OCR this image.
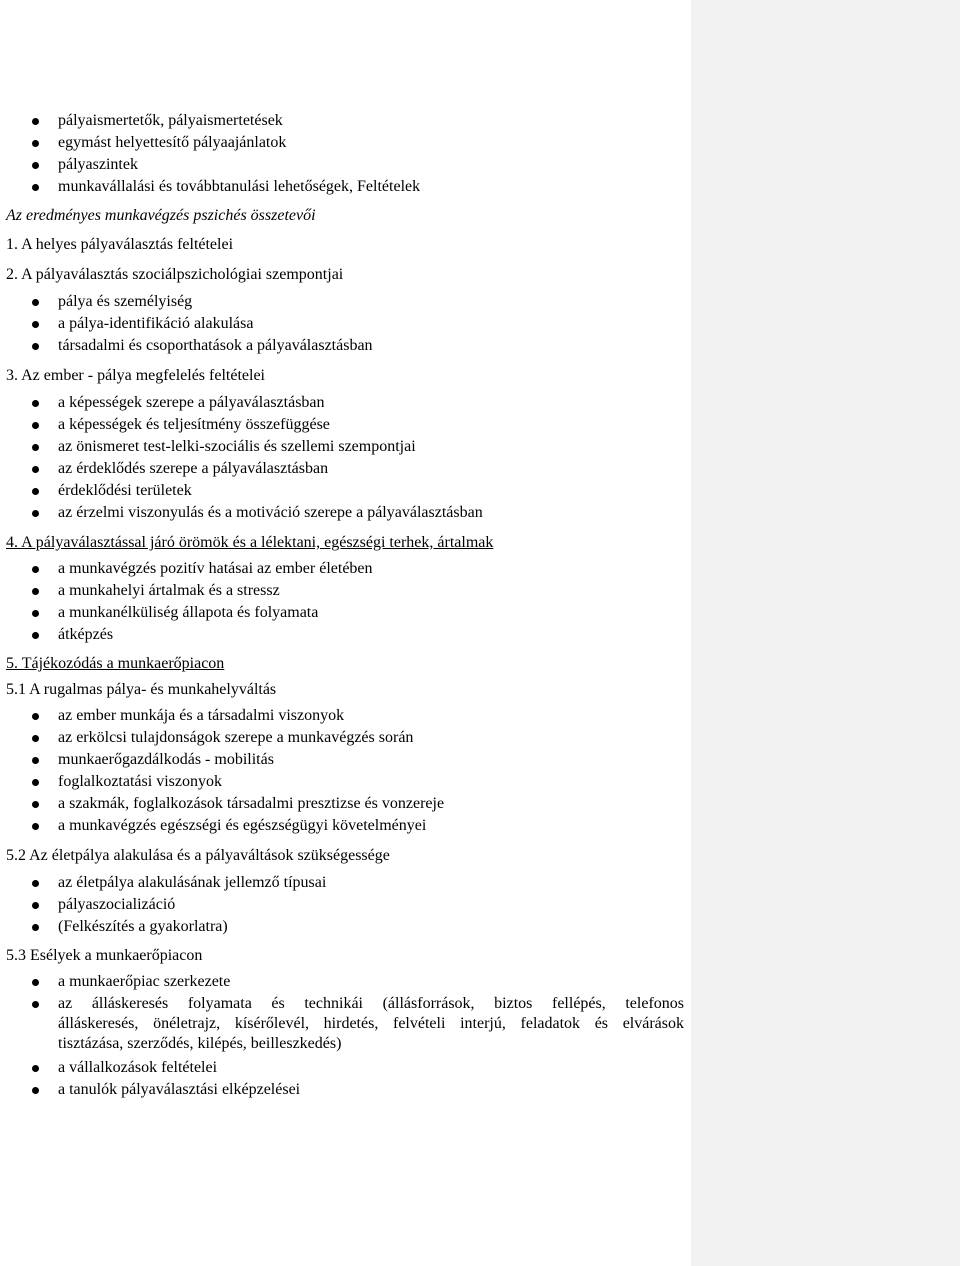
pályaismertetők, pályaismertetések
egymást helyettesítő pályaajánlatok
pályaszintek
munkavállalási és továbbtanulási lehetőségek, Feltételek
Az eredményes munkavégzés pszichés összetevői
1. A helyes pályaválasztás feltételei
2. A pályaválasztás szociálpszichológiai szempontjai
pálya és személyiség
a pálya-identifikáció alakulása
társadalmi és csoporthatások a pályaválasztásban
3. Az ember - pálya megfelelés feltételei
a képességek szerepe a pályaválasztásban
a képességek és teljesítmény összefüggése
az önismeret test-lelki-szociális és szellemi szempontjai
az érdeklődés szerepe a pályaválasztásban
érdeklődési területek
az érzelmi viszonyulás és a motiváció szerepe a pályaválasztásban
4. A pályaválasztással járó örömök és a lélektani, egészségi terhek, ártalmak
a munkavégzés pozitív hatásai az ember életében
a munkahelyi ártalmak és a stressz
a munkanélküliség állapota és folyamata
átképzés
5. Tájékozódás a munkaerőpiacon
5.1 A rugalmas pálya- és munkahelyváltás
az ember munkája és a társadalmi viszonyok
az erkölcsi tulajdonságok szerepe a munkavégzés során
munkaerőgazdálkodás - mobilitás
foglalkoztatási viszonyok
a szakmák, foglalkozások társadalmi presztizse és vonzereje
a munkavégzés egészségi és egészségügyi követelményei
5.2 Az életpálya alakulása és a pályaváltások szükségessége
az életpálya alakulásának jellemző típusai
pályaszocializáció
(Felkészítés a gyakorlatra)
5.3 Esélyek a munkaerőpiacon
a munkaerőpiac szerkezete
az álláskeresés folyamata és technikái (állásforrások, biztos fellépés, telefonos
álláskeresés, önéletrajz, kísérőlevél, hirdetés, felvételi interjú, feladatok és elvárások
tisztázása, szerződés, kilépés, beilleszkedés)
a vállalkozások feltételei
a tanulók pályaválasztási elképzelései
